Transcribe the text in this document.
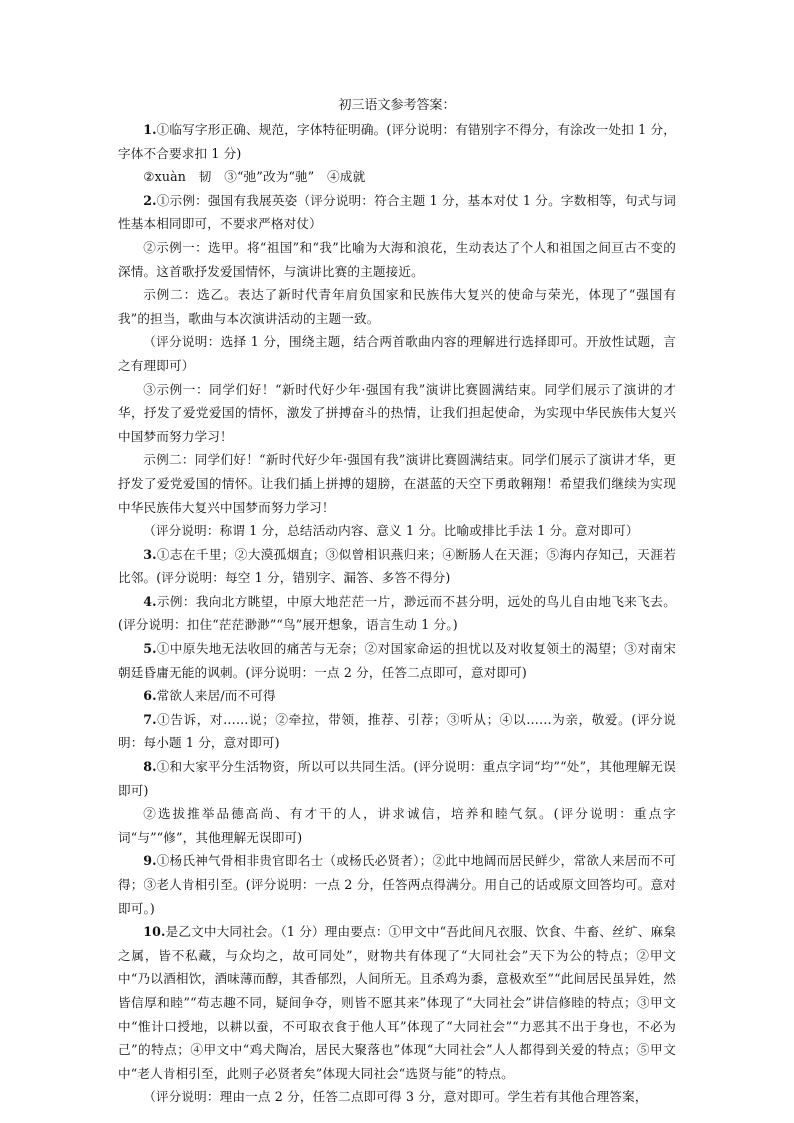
初三语文参考答案：

1.①临写字形正确、规范，字体特征明确。(评分说明：有错别字不得分，有涂改一处扣 1 分，字体不合要求扣 1 分)

②xuàn　韧　③“弛”改为“驰”　④成就

2.①示例：强国有我展英姿（评分说明：符合主题 1 分，基本对仗 1 分。字数相等，句式与词性基本相同即可，不要求严格对仗）

②示例一：选甲。将“祖国”和“我”比喻为大海和浪花，生动表达了个人和祖国之间亘古不变的深情。这首歌抒发爱国情怀，与演讲比赛的主题接近。

示例二：选乙。表达了新时代青年肩负国家和民族伟大复兴的使命与荣光，体现了“强国有我”的担当，歌曲与本次演讲活动的主题一致。

（评分说明：选择 1 分，围绕主题，结合两首歌曲内容的理解进行选择即可。开放性试题，言之有理即可）

③示例一：同学们好！“新时代好少年·强国有我”演讲比赛圆满结束。同学们展示了演讲的才华，抒发了爱党爱国的情怀，激发了拼搏奋斗的热情，让我们担起使命，为实现中华民族伟大复兴中国梦而努力学习！

示例二：同学们好！“新时代好少年·强国有我”演讲比赛圆满结束。同学们展示了演讲才华，更抒发了爱党爱国的情怀。让我们插上拼搏的翅膀，在湛蓝的天空下勇敢翱翔！希望我们继续为实现中华民族伟大复兴中国梦而努力学习！

（评分说明：称谓 1 分，总结活动内容、意义 1 分。比喻或排比手法 1 分。意对即可）

3.①志在千里；②大漠孤烟直；③似曾相识燕归来；④断肠人在天涯；⑤海内存知己，天涯若比邻。(评分说明：每空 1 分，错别字、漏答、多答不得分)

4.示例：我向北方眺望，中原大地茫茫一片，渺远而不甚分明，远处的鸟儿自由地飞来飞去。(评分说明：扣住“茫茫渺渺”“鸟”展开想象，语言生动 1 分。)

5.①中原失地无法收回的痛苦与无奈；②对国家命运的担忧以及对收复领土的渴望；③对南宋朝廷昏庸无能的讽刺。(评分说明：一点 2 分，任答二点即可，意对即可)

6.常欲人来居/而不可得

7.①告诉，对……说；②牵拉，带领，推荐、引荐；③听从；④以……为亲，敬爱。(评分说明：每小题 1 分，意对即可)

8.①和大家平分生活物资，所以可以共同生活。(评分说明：重点字词“均”“处”，其他理解无误即可)

②选拔推举品德高尚、有才干的人，讲求诚信，培养和睦气氛。(评分说明：重点字词“与”“修”，其他理解无误即可)

9.①杨氏神气骨相非贵官即名士（或杨氏必贤者）；②此中地阔而居民鲜少，常欲人来居而不可得；③老人肯相引至。(评分说明：一点 2 分，任答两点得满分。用自己的话或原文回答均可。意对即可。)

10.是乙文中大同社会。（1 分）理由要点：①甲文中“吾此间凡衣服、饮食、牛畜、丝纩、麻枲之属，皆不私藏，与众均之，故可同处”，财物共有体现了“大同社会”天下为公的特点；②甲文中“乃以酒相饮，酒味薄而醇，其香郁烈，人间所无。且杀鸡为黍，意极欢至”“此间居民虽异姓，然皆信厚和睦”“苟志趣不同，疑间争夺，则皆不愿其来”体现了“大同社会”讲信修睦的特点；③甲文中“惟计口授地，以耕以蚕，不可取衣食于他人耳”体现了“大同社会”“力恶其不出于身也，不必为己”的特点；④甲文中“鸡犬陶冶，居民大聚落也”体现“大同社会”人人都得到关爱的特点；⑤甲文中“老人肯相引至，此则子必贤者矣”体现大同社会“选贤与能”的特点。

（评分说明：理由一点 2 分，任答二点即可得 3 分，意对即可。学生若有其他合理答案，
